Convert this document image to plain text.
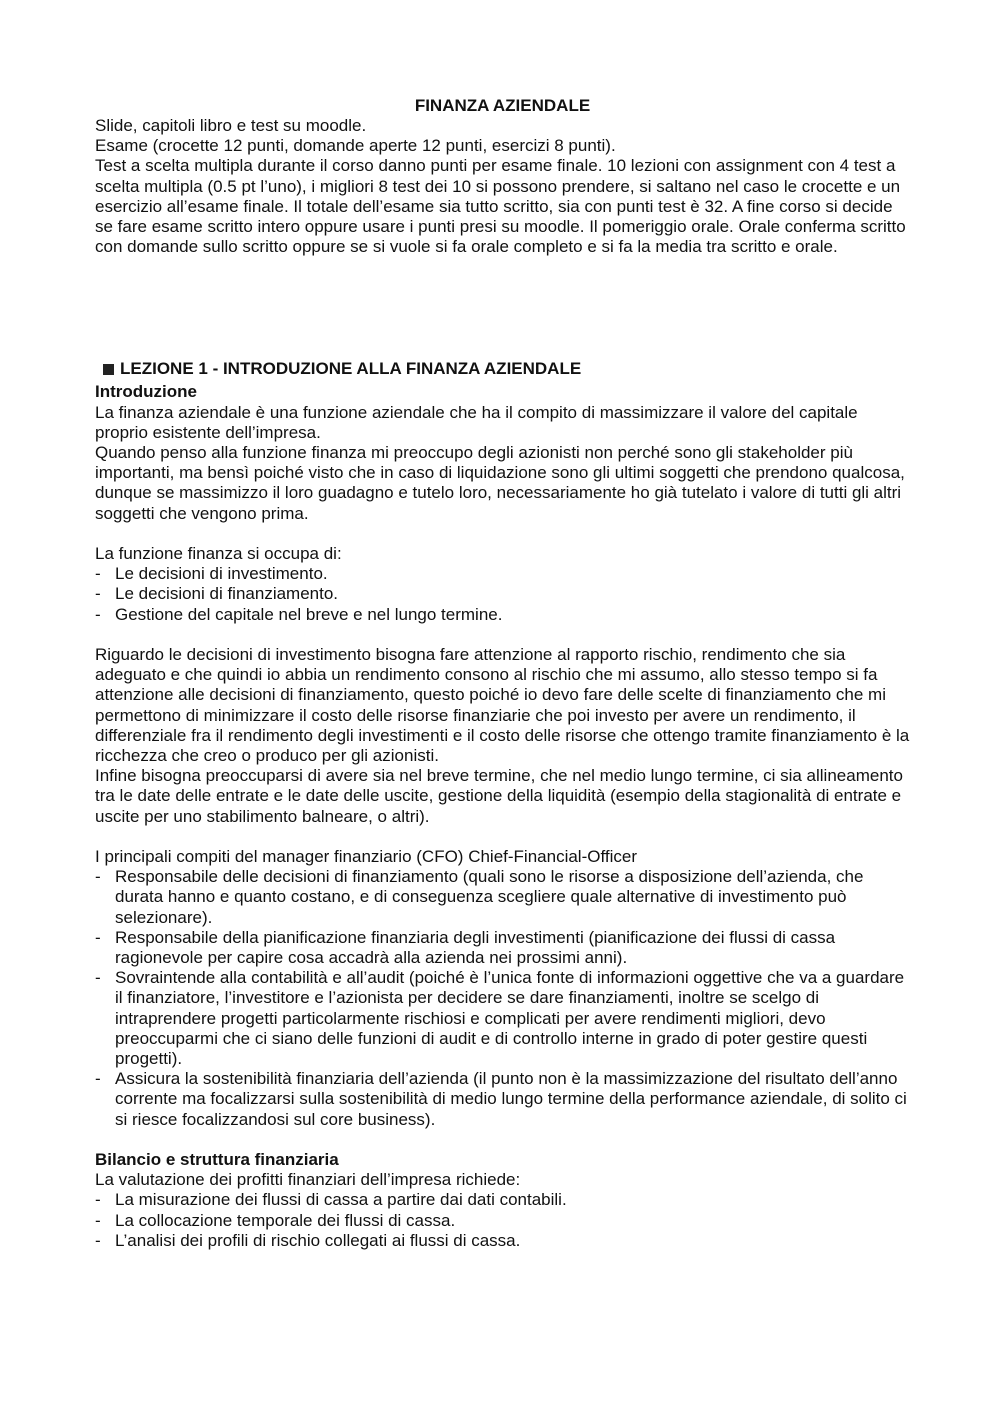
FINANZA AZIENDALE

Slide, capitoli libro e test su moodle.

Esame (crocette 12 punti, domande aperte 12 punti, esercizi 8 punti).

Test a scelta multipla durante il corso danno punti per esame finale. 10 lezioni con assignment con 4 test a scelta multipla (0.5 pt l’uno), i migliori 8 test dei 10 si possono prendere, si saltano nel caso le crocette e un esercizio all’esame finale. Il totale dell’esame sia tutto scritto, sia con punti test è 32. A fine corso si decide se fare esame scritto intero oppure usare i punti presi su moodle. Il pomeriggio orale. Orale conferma scritto con domande sullo scritto oppure se si vuole si fa orale completo e si fa la media tra scritto e orale.

LEZIONE 1 - INTRODUZIONE ALLA FINANZA AZIENDALE

Introduzione

La finanza aziendale è una funzione aziendale che ha il compito di massimizzare il valore del capitale proprio esistente dell’impresa.

Quando penso alla funzione finanza mi preoccupo degli azionisti non perché sono gli stakeholder più importanti, ma bensì poiché visto che in caso di liquidazione sono gli ultimi soggetti che prendono qualcosa, dunque se massimizzo il loro guadagno e tutelo loro, necessariamente ho già tutelato i valore di tutti gli altri soggetti che vengono prima.

La funzione finanza si occupa di:

- Le decisioni di investimento.
- Le decisioni di finanziamento.
- Gestione del capitale nel breve e nel lungo termine.

Riguardo le decisioni di investimento bisogna fare attenzione al rapporto rischio, rendimento che sia adeguato e che quindi io abbia un rendimento consono al rischio che mi assumo, allo stesso tempo si fa attenzione alle decisioni di finanziamento, questo poiché io devo fare delle scelte di finanziamento che mi permettono di minimizzare il costo delle risorse finanziarie che poi investo per avere un rendimento, il differenziale fra il rendimento degli investimenti e il costo delle risorse che ottengo tramite finanziamento è la ricchezza che creo o produco per gli azionisti.

Infine bisogna preoccuparsi di avere sia nel breve termine, che nel medio lungo termine, ci sia allineamento tra le date delle entrate e le date delle uscite, gestione della liquidità (esempio della stagionalità di entrate e uscite per uno stabilimento balneare, o altri).

I principali compiti del manager finanziario (CFO) Chief-Financial-Officer

- Responsabile delle decisioni di finanziamento (quali sono le risorse a disposizione dell’azienda, che durata hanno e quanto costano, e di conseguenza scegliere quale alternative di investimento può selezionare).
- Responsabile della pianificazione finanziaria degli investimenti (pianificazione dei flussi di cassa ragionevole per capire cosa accadrà alla azienda nei prossimi anni).
- Sovraintende alla contabilità e all’audit (poiché è l’unica fonte di informazioni oggettive che va a guardare il finanziatore, l’investitore e l’azionista per decidere se dare finanziamenti, inoltre se scelgo di intraprendere progetti particolarmente rischiosi e complicati per avere rendimenti migliori, devo preoccuparmi che ci siano delle funzioni di audit e di controllo interne in grado di poter gestire questi progetti).
- Assicura la sostenibilità finanziaria dell’azienda (il punto non è la massimizzazione del risultato dell’anno corrente ma focalizzarsi sulla sostenibilità di medio lungo termine della performance aziendale, di solito ci si riesce focalizzandosi sul core business).

Bilancio e struttura finanziaria

La valutazione dei profitti finanziari dell’impresa richiede:

- La misurazione dei flussi di cassa a partire dai dati contabili.
- La collocazione temporale dei flussi di cassa.
- L’analisi dei profili di rischio collegati ai flussi di cassa.
